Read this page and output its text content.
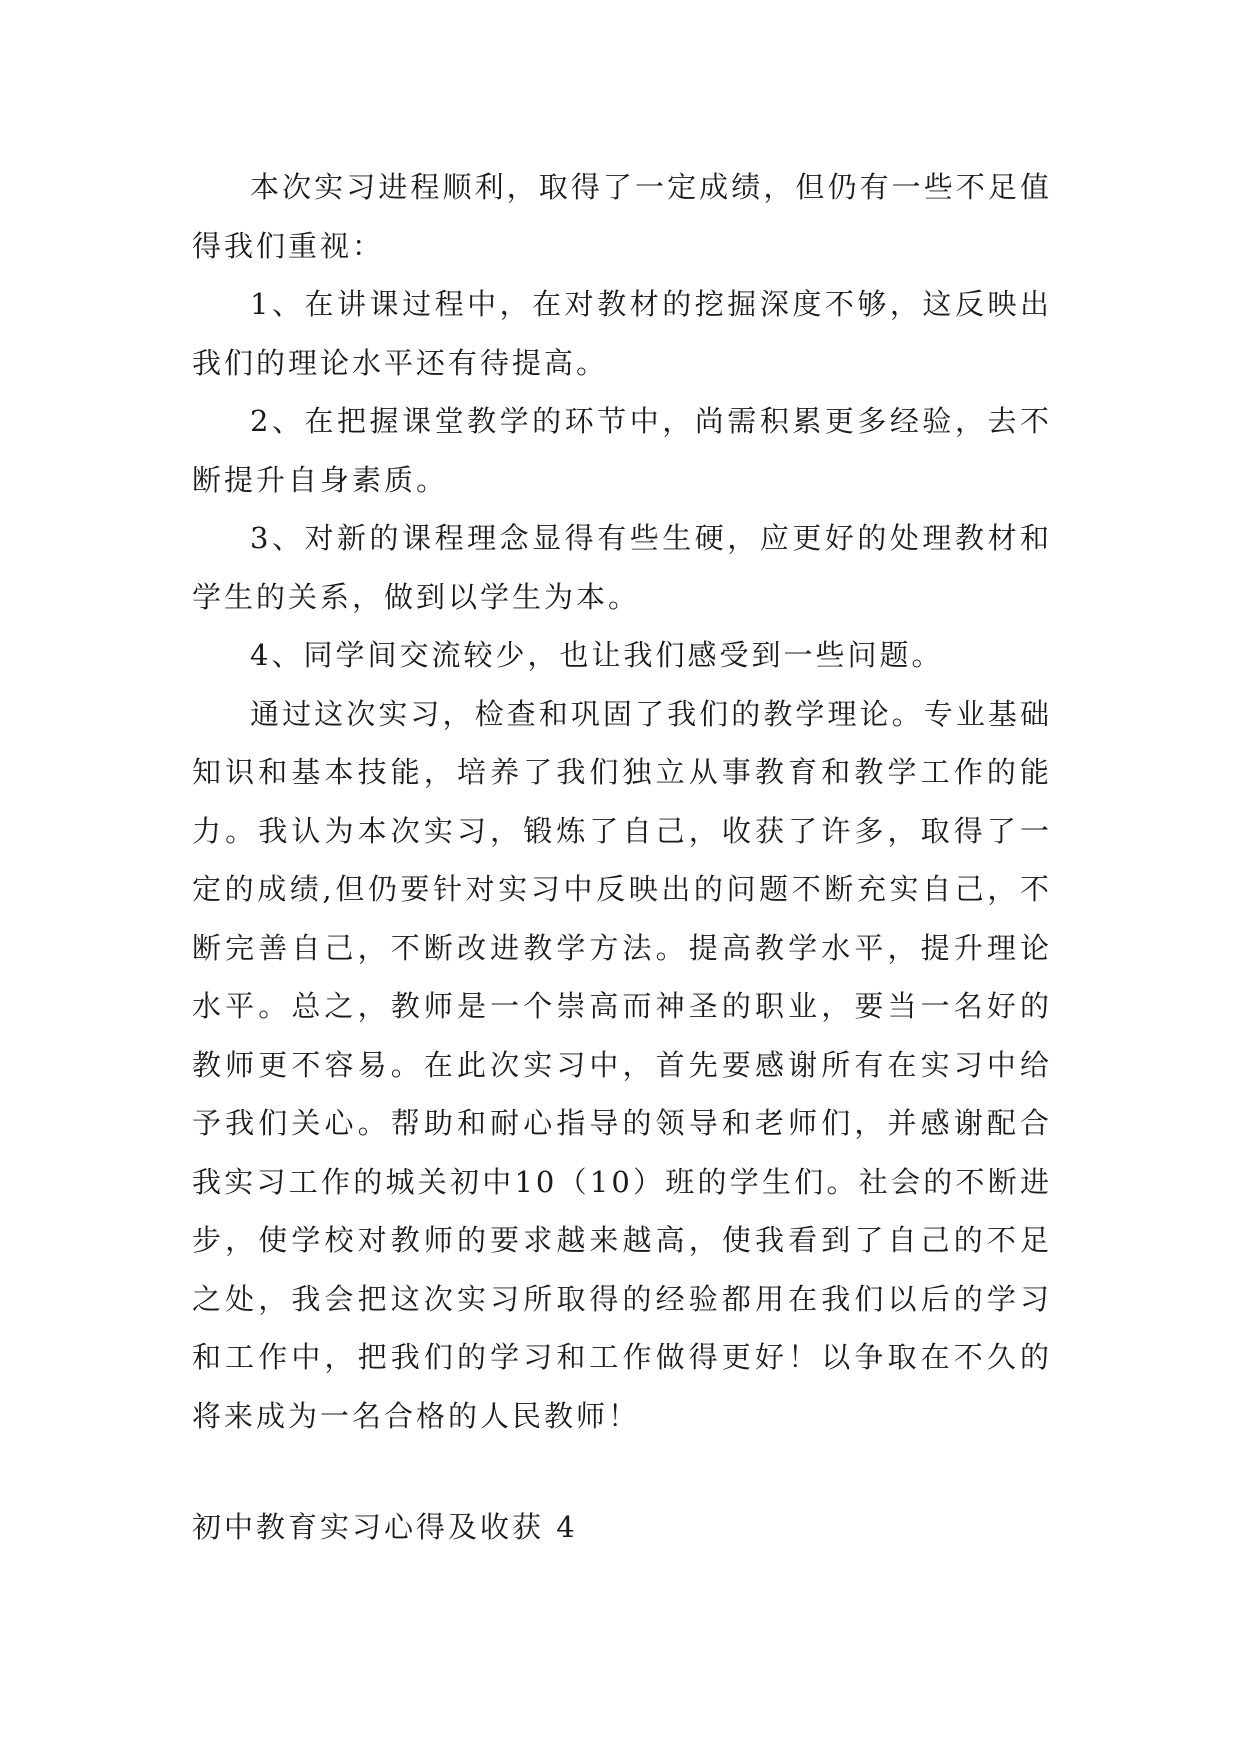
本次实习进程顺利，取得了一定成绩，但仍有一些不足值得我们重视：

1、在讲课过程中，在对教材的挖掘深度不够，这反映出我们的理论水平还有待提高。

2、在把握课堂教学的环节中，尚需积累更多经验，去不断提升自身素质。

3、对新的课程理念显得有些生硬，应更好的处理教材和学生的关系，做到以学生为本。

4、同学间交流较少，也让我们感受到一些问题。

通过这次实习，检查和巩固了我们的教学理论。专业基础知识和基本技能，培养了我们独立从事教育和教学工作的能力。我认为本次实习，锻炼了自己，收获了许多，取得了一定的成绩,但仍要针对实习中反映出的问题不断充实自己，不断完善自己，不断改进教学方法。提高教学水平，提升理论水平。总之，教师是一个崇高而神圣的职业，要当一名好的教师更不容易。在此次实习中，首先要感谢所有在实习中给予我们关心。帮助和耐心指导的领导和老师们，并感谢配合我实习工作的城关初中10（10）班的学生们。社会的不断进步，使学校对教师的要求越来越高，使我看到了自己的不足之处，我会把这次实习所取得的经验都用在我们以后的学习和工作中，把我们的学习和工作做得更好！以争取在不久的将来成为一名合格的人民教师！

初中教育实习心得及收获 4
